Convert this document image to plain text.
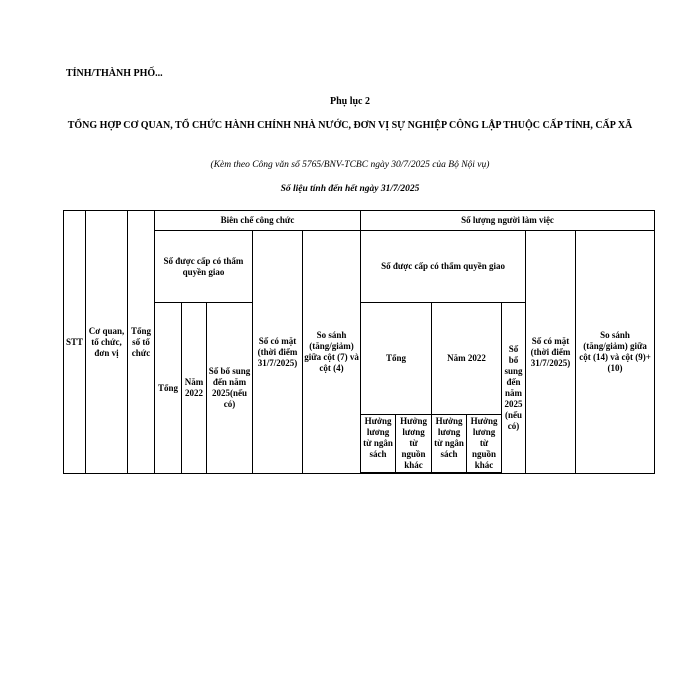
TỈNH/THÀNH PHỐ...
Phụ lục 2
TỔNG HỢP CƠ QUAN, TỔ CHỨC HÀNH CHÍNH NHÀ NƯỚC, ĐƠN VỊ SỰ NGHIỆP CÔNG LẬP THUỘC CẤP TỈNH, CẤP XÃ
(Kèm theo Công văn số 5765/BNV-TCBC ngày 30/7/2025 của Bộ Nội vụ)
Số liệu tính đến hết ngày 31/7/2025
STT	Cơ quan, tổ chức, đơn vị	Tổng số tổ chức	Biên chế công chức					Số lượng người làm việc						
			Số được cấp có thẩm quyền giao			Số có mặt (thời điểm 31/7/2025)	So sánh (tăng/giảm) giữa cột (7) và cột (4)	Số được cấp có thẩm quyền giao					Số có mặt (thời điểm 31/7/2025)	So sánh (tăng/giảm) giữa cột (14) và cột (9)+ (10)
			Tổng	Năm 2022	Số bổ sung đến năm 2025(nếu có)			Tổng		Năm 2022		Số bổ sung đến năm 2025 (nếu có)		

								Hưởng lương từ ngân sách	Hưởng lương từ nguồn khác	Hưởng lương từ ngân sách	Hưởng lương từ nguồn khác			
